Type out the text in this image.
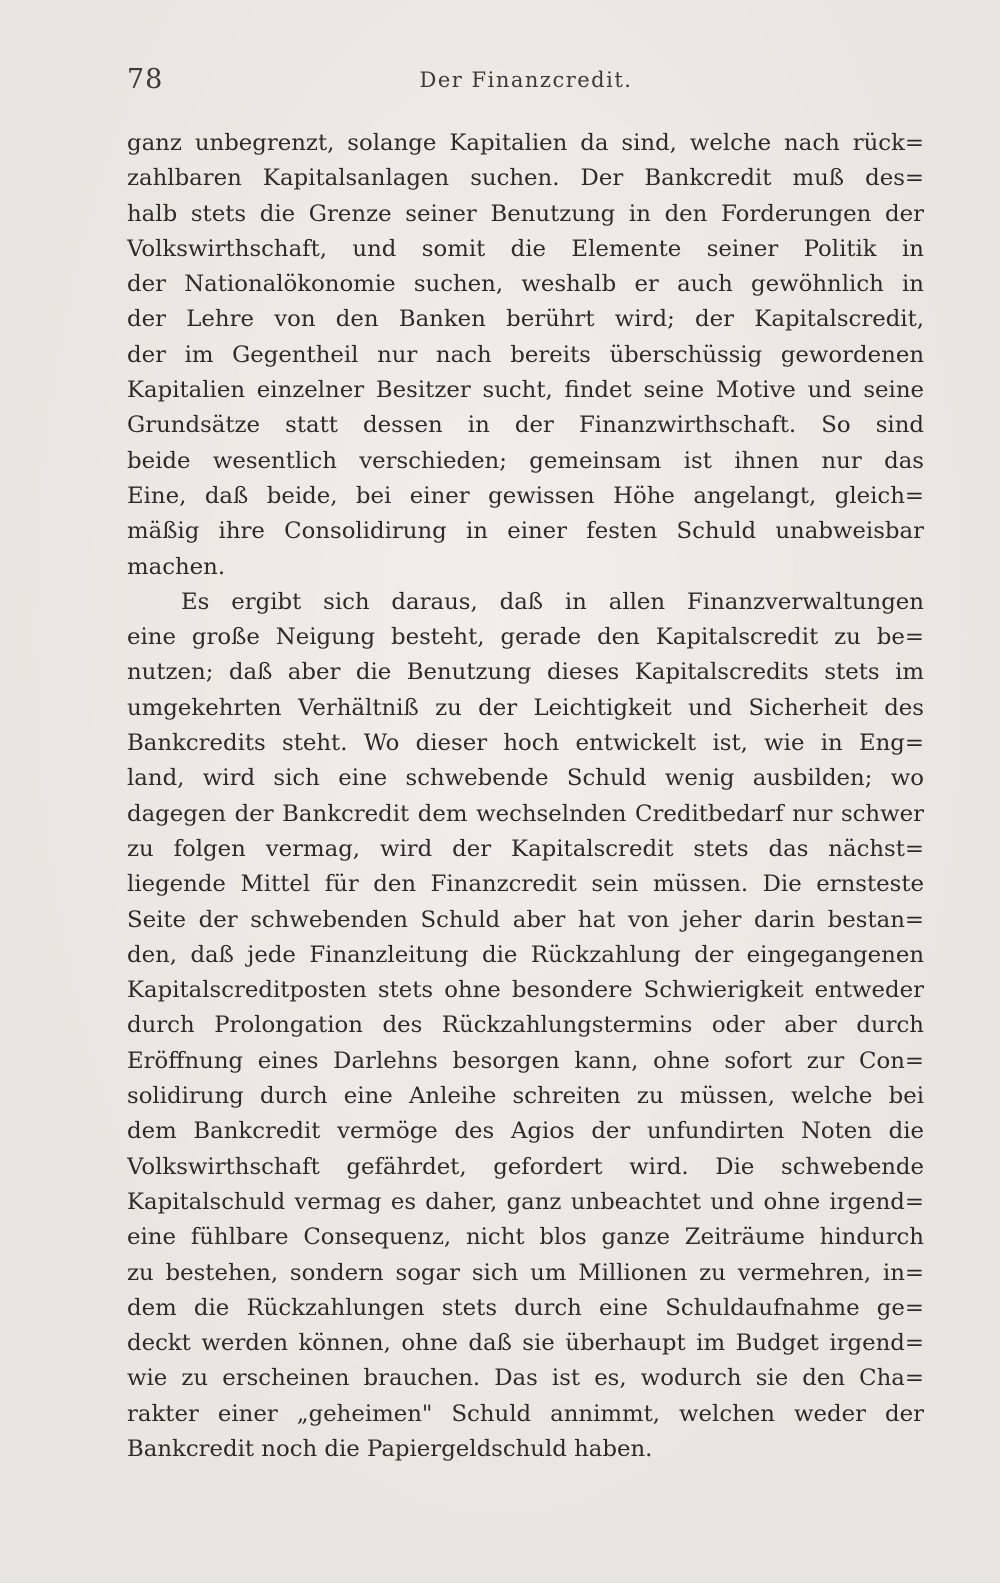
78	Der Finanzcredit.
ganz unbegrenzt, solange Kapitalien da sind, welche nach rück=
zahlbaren Kapitalsanlagen suchen. Der Bankcredit muß des=
halb stets die Grenze seiner Benutzung in den Forderungen der
Volkswirthschaft, und somit die Elemente seiner Politik in
der Nationalökonomie suchen, weshalb er auch gewöhnlich in
der Lehre von den Banken berührt wird; der Kapitalscredit,
der im Gegentheil nur nach bereits überschüssig gewordenen
Kapitalien einzelner Besitzer sucht, findet seine Motive und seine
Grundsätze statt dessen in der Finanzwirthschaft. So sind
beide wesentlich verschieden; gemeinsam ist ihnen nur das
Eine, daß beide, bei einer gewissen Höhe angelangt, gleich=
mäßig ihre Consolidirung in einer festen Schuld unabweisbar
machen.
Es ergibt sich daraus, daß in allen Finanzverwaltungen
eine große Neigung besteht, gerade den Kapitalscredit zu be=
nutzen; daß aber die Benutzung dieses Kapitalscredits stets im
umgekehrten Verhältniß zu der Leichtigkeit und Sicherheit des
Bankcredits steht. Wo dieser hoch entwickelt ist, wie in Eng=
land, wird sich eine schwebende Schuld wenig ausbilden; wo
dagegen der Bankcredit dem wechselnden Creditbedarf nur schwer
zu folgen vermag, wird der Kapitalscredit stets das nächst=
liegende Mittel für den Finanzcredit sein müssen. Die ernsteste
Seite der schwebenden Schuld aber hat von jeher darin bestan=
den, daß jede Finanzleitung die Rückzahlung der eingegangenen
Kapitalscreditposten stets ohne besondere Schwierigkeit entweder
durch Prolongation des Rückzahlungstermins oder aber durch
Eröffnung eines Darlehns besorgen kann, ohne sofort zur Con=
solidirung durch eine Anleihe schreiten zu müssen, welche bei
dem Bankcredit vermöge des Agios der unfundirten Noten die
Volkswirthschaft gefährdet, gefordert wird. Die schwebende
Kapitalschuld vermag es daher, ganz unbeachtet und ohne irgend=
eine fühlbare Consequenz, nicht blos ganze Zeiträume hindurch
zu bestehen, sondern sogar sich um Millionen zu vermehren, in=
dem die Rückzahlungen stets durch eine Schuldaufnahme ge=
deckt werden können, ohne daß sie überhaupt im Budget irgend=
wie zu erscheinen brauchen. Das ist es, wodurch sie den Cha=
rakter einer „geheimen" Schuld annimmt, welchen weder der
Bankcredit noch die Papiergeldschuld haben.
